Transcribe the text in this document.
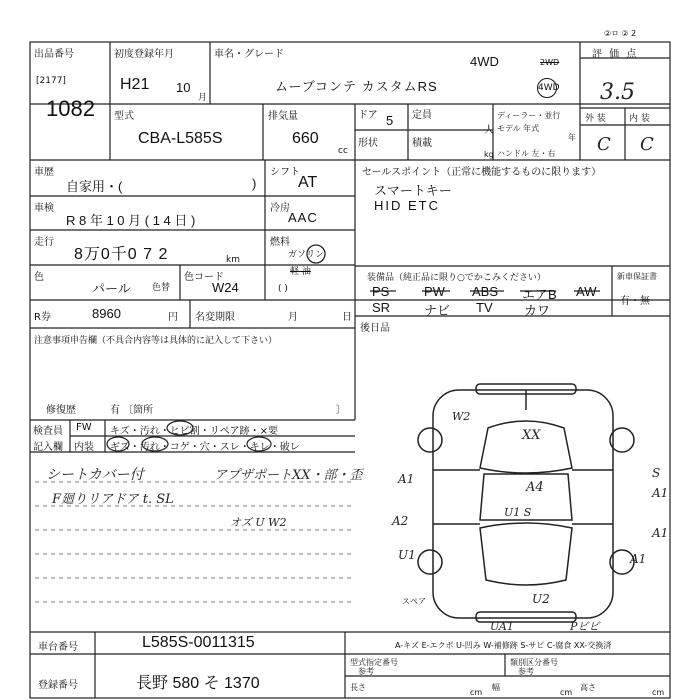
②ㅁ ② 2
出品番号
[2177]
1082
初度登録年月
H21 10
月
車名・グレード	4WD	2WD
4WD
ムーブコンテ カスタムRS
評 価 点
3.5
外 装	内 装
C C
型式
CBA-L585S
排気量
660
cc
ドア 5 定員
人
形状	積載
kg
ディーラー・並行
モデル 年式
年
ハンドル 左・右
車歴
自家用・(	)
シフト
AT
セールスポイント（正常に機能するものに限ります）
スマートキー
HID ETC
車検
R 8 年 1 0 月 ( 1 4 日 )
冷房
AAC
走行
8万0千0 7 2	km
燃料
ガソリン
軽 油
( )
色
パール 色替
色コード
W24
装備品（純正品に限り○でかこみください）
PS	PW ABS エアB AW
SR	ナビ TV カワ
新車保証書
有・無
R券	8960	円 名変期限	月	日
後日品
注意事項申告欄（不具合内容等は具体的に記入して下さい）
修復歴	有 〔箇所	〕
検査員
記入欄
FW
内装
キズ・汚れ・ヒビ割・リペア跡・×要
ギズ・汚れ・コゲ・穴・スレ・キレ・破レ
シートカバー付	アプザポートXX・部・歪
F廻りリアドア t. SL
オズ U W2
XX
A4
U1 S
W2
A1
A2
U1
S
A1
A1
A1
U2
UA1	Pビビ
スペア
A-キズ E-エクボ U-凹み W-補修跡 S-サビ C-腐食 XX-交換済
車台番号	L585S-0011315
登録番号	長野 580 そ 1370
型式指定番号
参考
類別区分番号
参考
長さ
cm
幅
cm
高さ
cm
